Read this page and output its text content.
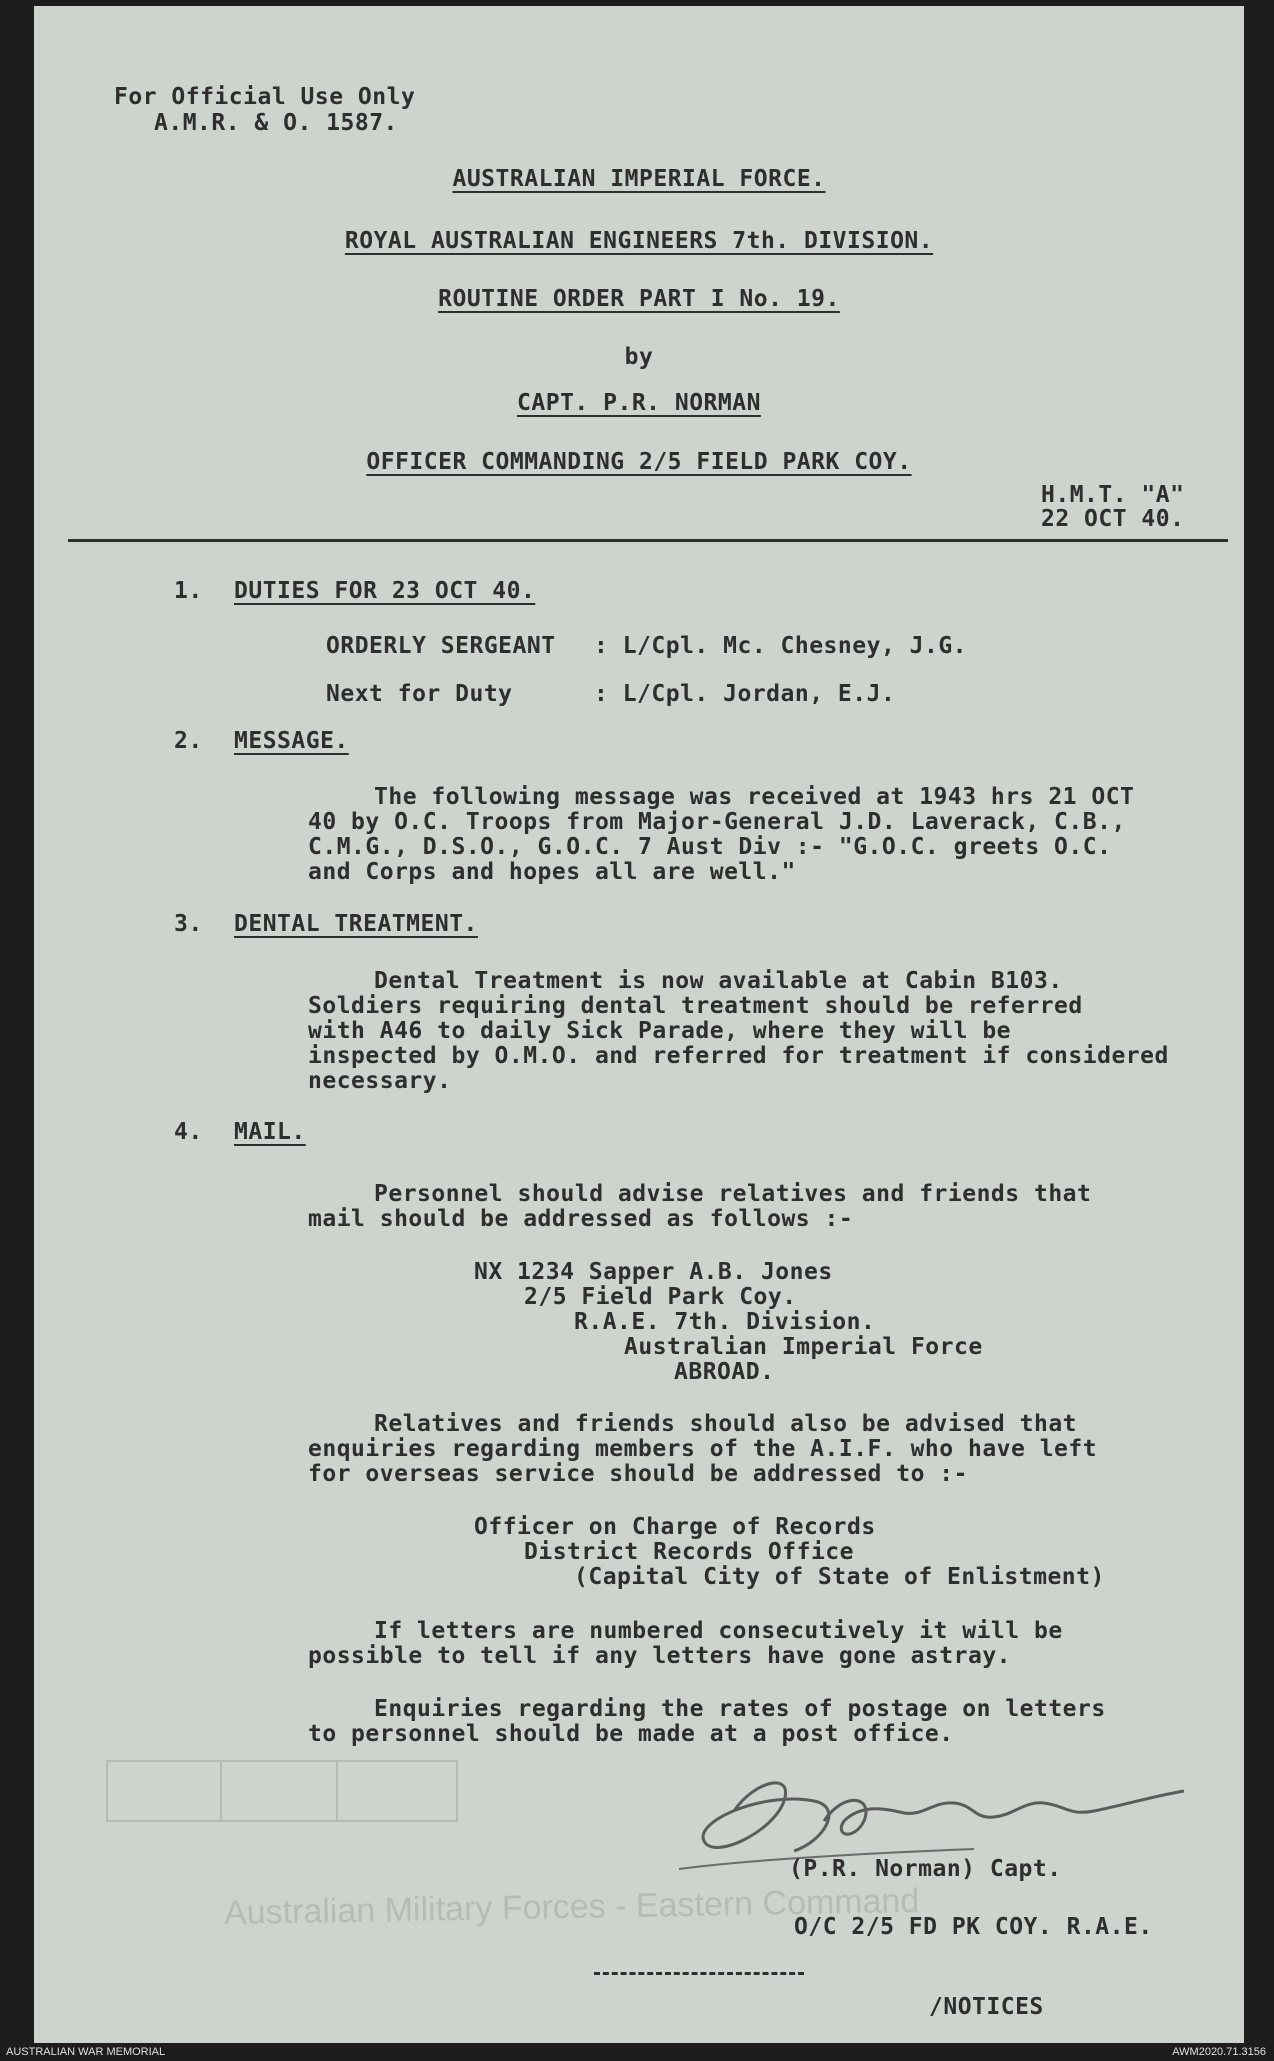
For Official Use Only
A.M.R. & O. 1587.
AUSTRALIAN IMPERIAL FORCE.
ROYAL AUSTRALIAN ENGINEERS 7th. DIVISION.
ROUTINE ORDER PART I No. 19.
by
CAPT. P.R. NORMAN
OFFICER COMMANDING 2/5 FIELD PARK COY.
H.M.T. "A"
22 OCT 40.
1. DUTIES FOR 23 OCT 40.
ORDERLY SERGEANT : L/Cpl. Mc. Chesney, J.G.
Next for Duty	: L/Cpl. Jordan, E.J.
2. MESSAGE.
The following message was received at 1943 hrs 21 OCT
40 by O.C. Troops from Major-General J.D. Laverack, C.B.,
C.M.G., D.S.O., G.O.C. 7 Aust Div :- "G.O.C. greets O.C.
and Corps and hopes all are well."
3. DENTAL TREATMENT.
Dental Treatment is now available at Cabin B103.
Soldiers requiring dental treatment should be referred
with A46 to daily Sick Parade, where they will be
inspected by O.M.O. and referred for treatment if considered
necessary.
4. MAIL.
Personnel should advise relatives and friends that
mail should be addressed as follows :-
NX 1234 Sapper A.B. Jones
2/5 Field Park Coy.
R.A.E. 7th. Division.
Australian Imperial Force
ABROAD.
Relatives and friends should also be advised that
enquiries regarding members of the A.I.F. who have left
for overseas service should be addressed to :-
Officer on Charge of Records
District Records Office
(Capital City of State of Enlistment)
If letters are numbered consecutively it will be
possible to tell if any letters have gone astray.
Enquiries regarding the rates of postage on letters
to personnel should be made at a post office.
Australian Military Forces - Eastern Command
(P.R. Norman) Capt.
O/C 2/5 FD PK COY. R.A.E.
/NOTICES
AUSTRALIAN WAR MEMORIAL	AWM2020.71.3156
